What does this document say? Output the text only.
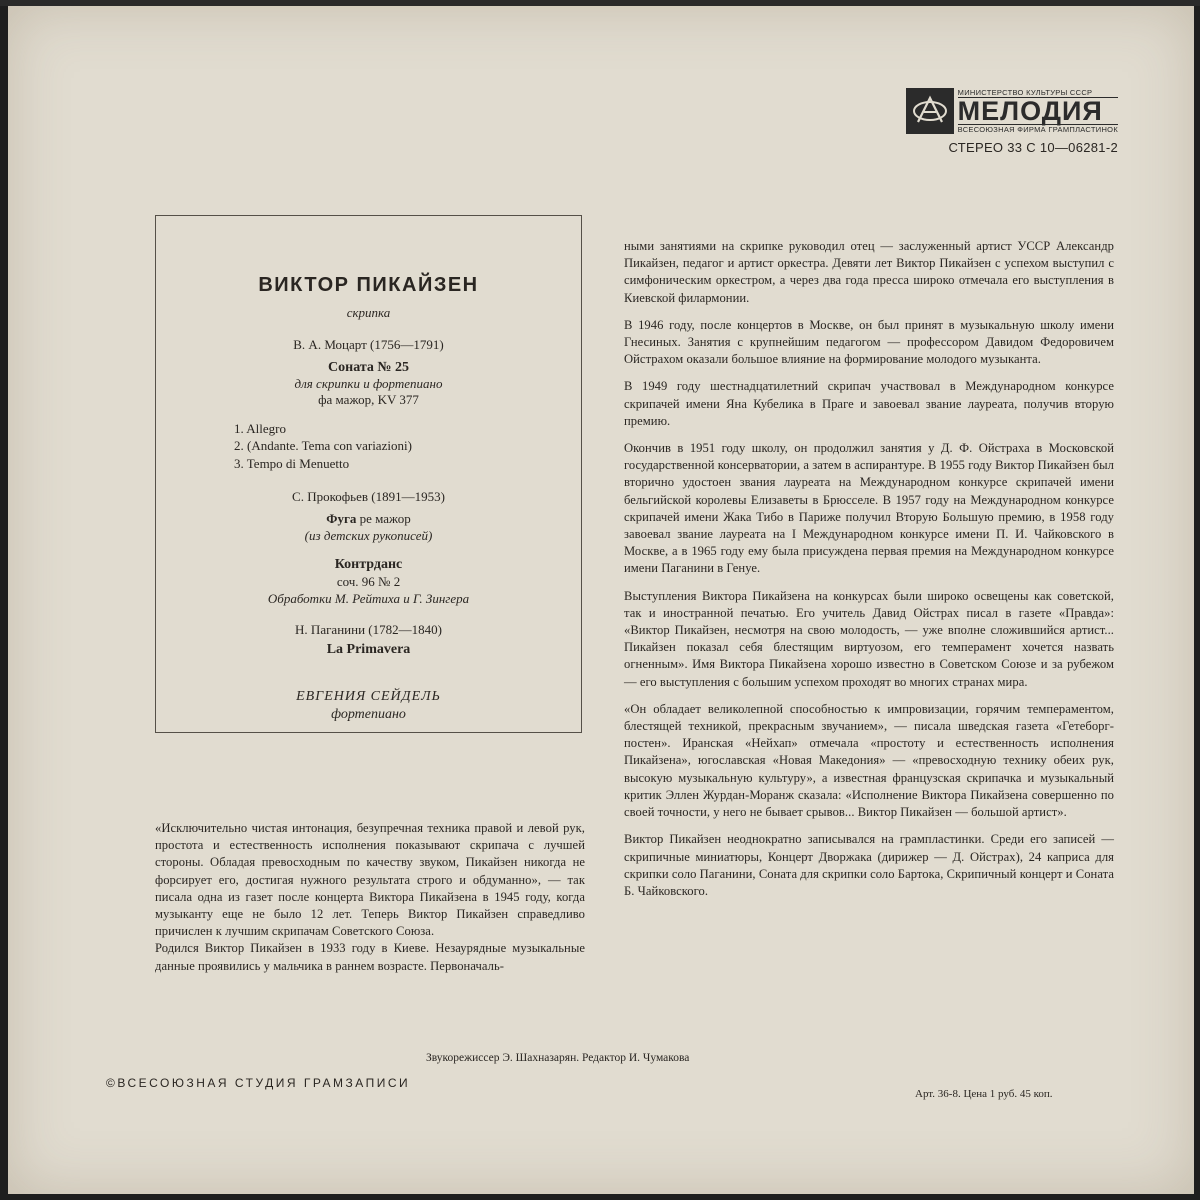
МИНИСТЕРСТВО КУЛЬТУРЫ СССР
МЕЛОДИЯ
ВСЕСОЮЗНАЯ ФИРМА ГРАМПЛАСТИНОК
СТЕРЕО 33 С 10—06281-2
ВИКТОР ПИКАЙЗЕН
скрипка
В. А. Моцарт (1756—1791)
Соната № 25
для скрипки и фортепиано
фа мажор, KV 377
1. Allegro
2. (Andante. Tema con variazioni)
3. Tempo di Menuetto
С. Прокофьев (1891—1953)
Фуга ре мажор
(из детских рукописей)
Контрданс
соч. 96 № 2
Обработки М. Рейтиха и Г. Зингера
Н. Паганини (1782—1840)
La Primavera
ЕВГЕНИЯ СЕЙДЕЛЬ
фортепиано

ными занятиями на скрипке руководил отец — заслуженный артист УССР Александр Пикайзен, педагог и артист оркестра. Девяти лет Виктор Пикайзен с успехом выступил с симфоническим оркестром, а через два года пресса широко отмечала его выступления в Киевской филармонии.

В 1946 году, после концертов в Москве, он был принят в музыкальную школу имени Гнесиных. Занятия с крупнейшим педагогом — профессором Давидом Федоровичем Ойстрахом оказали большое влияние на формирование молодого музыканта.

В 1949 году шестнадцатилетний скрипач участвовал в Международном конкурсе скрипачей имени Яна Кубелика в Праге и завоевал звание лауреата, получив вторую премию.

Окончив в 1951 году школу, он продолжил занятия у Д. Ф. Ойстраха в Московской государственной консерватории, а затем в аспирантуре. В 1955 году Виктор Пикайзен был вторично удостоен звания лауреата на Международном конкурсе скрипачей имени бельгийской королевы Елизаветы в Брюсселе. В 1957 году на Международном конкурсе скрипачей имени Жака Тибо в Париже получил Вторую Большую премию, в 1958 году завоевал звание лауреата на I Международном конкурсе имени П. И. Чайковского в Москве, а в 1965 году ему была присуждена первая премия на Международном конкурсе имени Паганини в Генуе.

Выступления Виктора Пикайзена на конкурсах были широко освещены как советской, так и иностранной печатью. Его учитель Давид Ойстрах писал в газете «Правда»: «Виктор Пикайзен, несмотря на свою молодость, — уже вполне сложившийся артист... Пикайзен показал себя блестящим виртуозом, его темперамент хочется назвать огненным». Имя Виктора Пикайзена хорошо известно в Советском Союзе и за рубежом — его выступления с большим успехом проходят во многих странах мира.

«Он обладает великолепной способностью к импровизации, горячим темпераментом, блестящей техникой, прекрасным звучанием», — писала шведская газета «Гетеборг-постен». Иранская «Нейхап» отмечала «простоту и естественность исполнения Пикайзена», югославская «Новая Македония» — «превосходную технику обеих рук, высокую музыкальную культуру», а известная французская скрипачка и музыкальный критик Эллен Журдан-Моранж сказала: «Исполнение Виктора Пикайзена совершенно по своей точности, у него не бывает срывов... Виктор Пикайзен — большой артист».

Виктор Пикайзен неоднократно записывался на грампластинки. Среди его записей — скрипичные миниатюры, Концерт Дворжака (дирижер — Д. Ойстрах), 24 каприса для скрипки соло Паганини, Соната для скрипки соло Бартока, Скрипичный концерт и Соната Б. Чайковского.

«Исключительно чистая интонация, безупречная техника правой и левой рук, простота и естественность исполнения показывают скрипача с лучшей стороны. Обладая превосходным по качеству звуком, Пикайзен никогда не форсирует его, достигая нужного результата строго и обдуманно», — так писала одна из газет после концерта Виктора Пикайзена в 1945 году, когда музыканту еще не было 12 лет. Теперь Виктор Пикайзен справедливо причислен к лучшим скрипачам Советского Союза.

Родился Виктор Пикайзен в 1933 году в Киеве. Незаурядные музыкальные данные проявились у мальчика в раннем возрасте. Первоначаль-

Звукорежиссер Э. Шахназарян. Редактор И. Чумакова
©ВСЕСОЮЗНАЯ СТУДИЯ ГРАМЗАПИСИ
Арт. 36-8. Цена 1 руб. 45 коп.
